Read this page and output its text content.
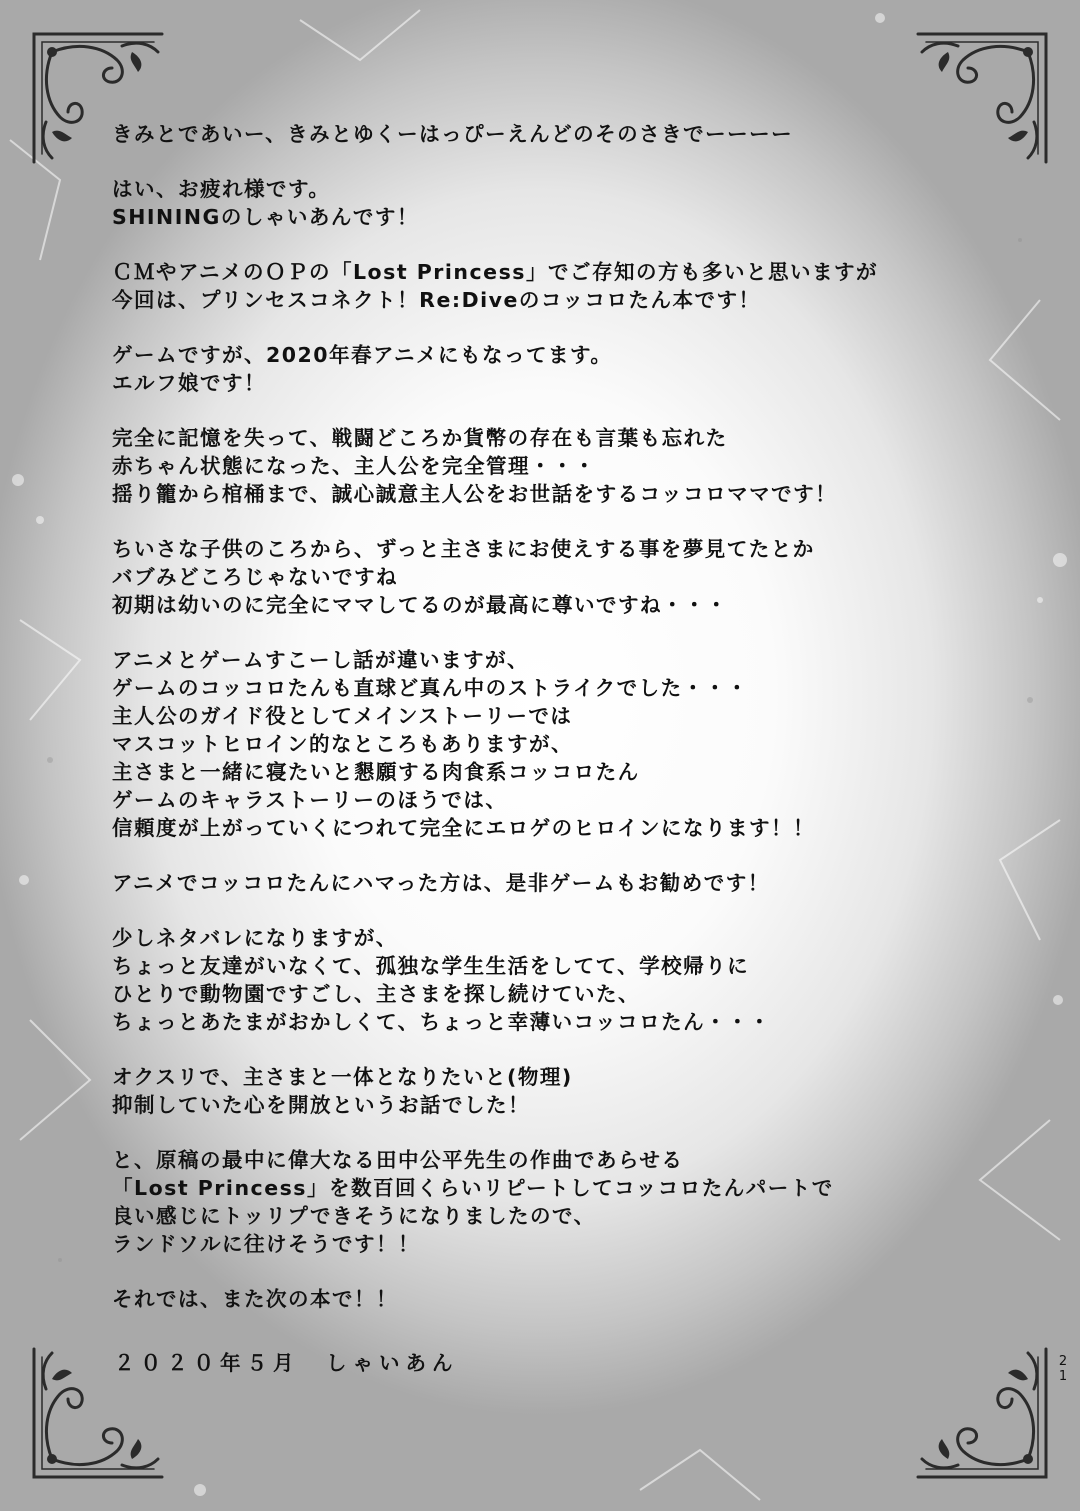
きみとであいー、きみとゆくーはっぴーえんどのそのさきでーーーー
はい、お疲れ様です。
SHININGのしゃいあんです！
ＣＭやアニメのＯＰの「Lost Princess」でご存知の方も多いと思いますが
今回は、プリンセスコネクト！Re:Diveのコッコロたん本です！
ゲームですが、2020年春アニメにもなってます。
エルフ娘です！
完全に記憶を失って、戦闘どころか貨幣の存在も言葉も忘れた
赤ちゃん状態になった、主人公を完全管理・・・
揺り籠から棺桶まで、誠心誠意主人公をお世話をするコッコロママです！
ちいさな子供のころから、ずっと主さまにお使えする事を夢見てたとか
バブみどころじゃないですね
初期は幼いのに完全にママしてるのが最高に尊いですね・・・
アニメとゲームすこーし話が違いますが、
ゲームのコッコロたんも直球ど真ん中のストライクでした・・・
主人公のガイド役としてメインストーリーでは
マスコットヒロイン的なところもありますが、
主さまと一緒に寝たいと懇願する肉食系コッコロたん
ゲームのキャラストーリーのほうでは、
信頼度が上がっていくにつれて完全にエロゲのヒロインになります！！
アニメでコッコロたんにハマった方は、是非ゲームもお勧めです！
少しネタバレになりますが、
ちょっと友達がいなくて、孤独な学生生活をしてて、学校帰りに
ひとりで動物園ですごし、主さまを探し続けていた、
ちょっとあたまがおかしくて、ちょっと幸薄いコッコロたん・・・
オクスリで、主さまと一体となりたいと(物理)
抑制していた心を開放というお話でした！
と、原稿の最中に偉大なる田中公平先生の作曲であらせる
「Lost Princess」を数百回くらいリピートしてコッコロたんパートで
良い感じにトッリプできそうになりましたので、
ランドソルに往けそうです！！
それでは、また次の本で！！
２０２０年５月　しゃいあん	21
